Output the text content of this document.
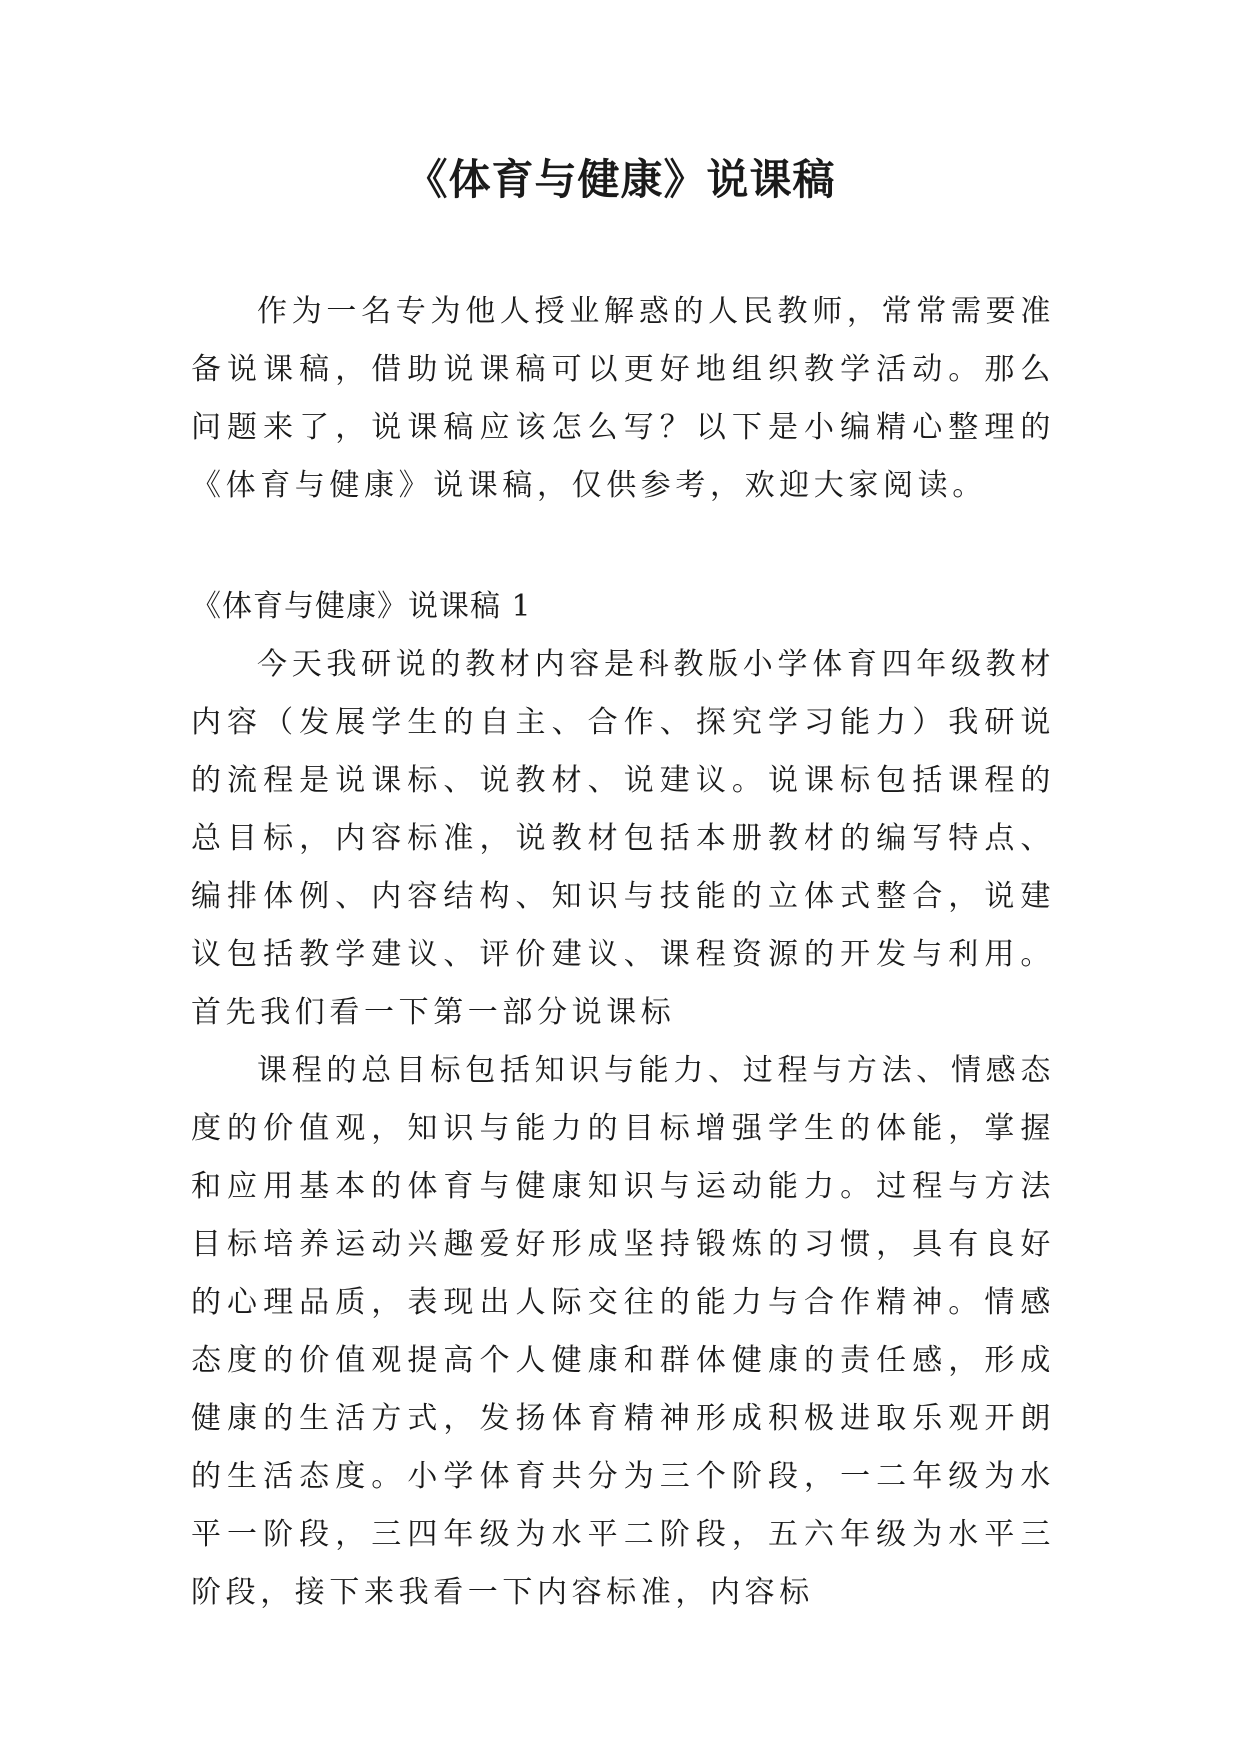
《体育与健康》说课稿

作为一名专为他人授业解惑的人民教师，常常需要准备说课稿，借助说课稿可以更好地组织教学活动。那么问题来了，说课稿应该怎么写？以下是小编精心整理的《体育与健康》说课稿，仅供参考，欢迎大家阅读。

《体育与健康》说课稿 1

今天我研说的教材内容是科教版小学体育四年级教材内容（发展学生的自主、合作、探究学习能力）我研说的流程是说课标、说教材、说建议。说课标包括课程的总目标，内容标准，说教材包括本册教材的编写特点、编排体例、内容结构、知识与技能的立体式整合，说建议包括教学建议、评价建议、课程资源的开发与利用。首先我们看一下第一部分说课标

课程的总目标包括知识与能力、过程与方法、情感态度的价值观，知识与能力的目标增强学生的体能，掌握和应用基本的体育与健康知识与运动能力。过程与方法目标培养运动兴趣爱好形成坚持锻炼的习惯，具有良好的心理品质，表现出人际交往的能力与合作精神。情感态度的价值观提高个人健康和群体健康的责任感，形成健康的生活方式，发扬体育精神形成积极进取乐观开朗的生活态度。小学体育共分为三个阶段，一二年级为水平一阶段，三四年级为水平二阶段，五六年级为水平三阶段，接下来我看一下内容标准，内容标
